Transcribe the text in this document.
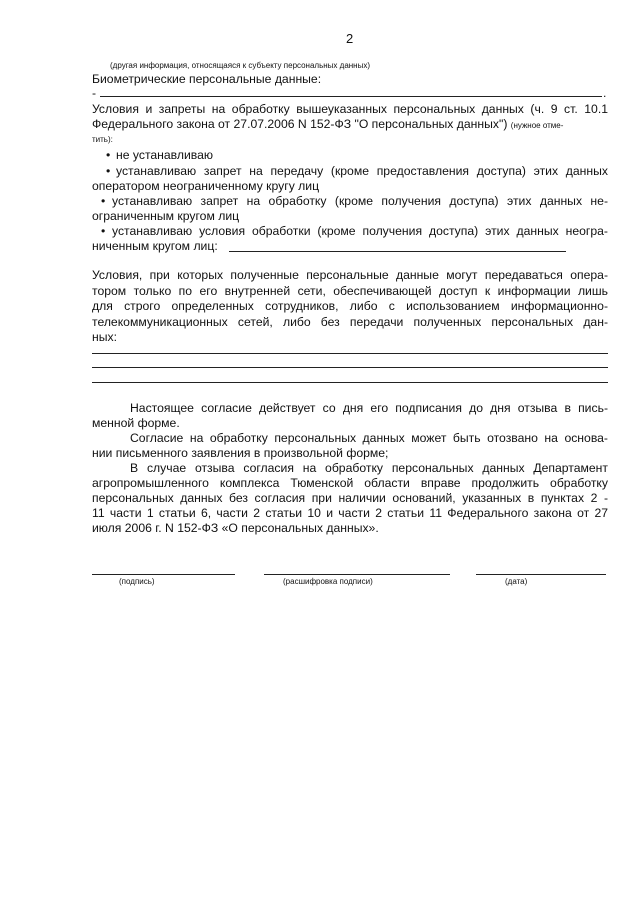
2
(другая информация, относящаяся к субъекту персональных данных)
Биометрические персональные данные:
-	.
Условия и запреты на обработку вышеуказанных персональных данных (ч. 9 ст. 10.1
Федерального закона от 27.07.2006 N 152-ФЗ "О персональных данных") (нужное отме-
тить):
• не устанавливаю
• устанавливаю запрет на передачу (кроме предоставления доступа) этих данных
оператором неограниченному кругу лиц
• устанавливаю запрет на обработку (кроме получения доступа) этих данных не-
ограниченным кругом лиц
• устанавливаю условия обработки (кроме получения доступа) этих данных неогра-
ниченным кругом лиц:
Условия, при которых полученные персональные данные могут передаваться опера-
тором только по его внутренней сети, обеспечивающей доступ к информации лишь
для строго определенных сотрудников, либо с использованием информационно-
телекоммуникационных сетей, либо без передачи полученных персональных дан-
ных:
Настоящее согласие действует со дня его подписания до дня отзыва в пись-
менной форме.
Согласие на обработку персональных данных может быть отозвано на основа-
нии письменного заявления в произвольной форме;
В случае отзыва согласия на обработку персональных данных Департамент
агропромышленного комплекса Тюменской области вправе продолжить обработку
персональных данных без согласия при наличии оснований, указанных в пунктах 2 -
11 части 1 статьи 6, части 2 статьи 10 и части 2 статьи 11 Федерального закона от 27
июля 2006 г. N 152-ФЗ «О персональных данных».
(подпись)	(расшифровка подписи)	(дата)
